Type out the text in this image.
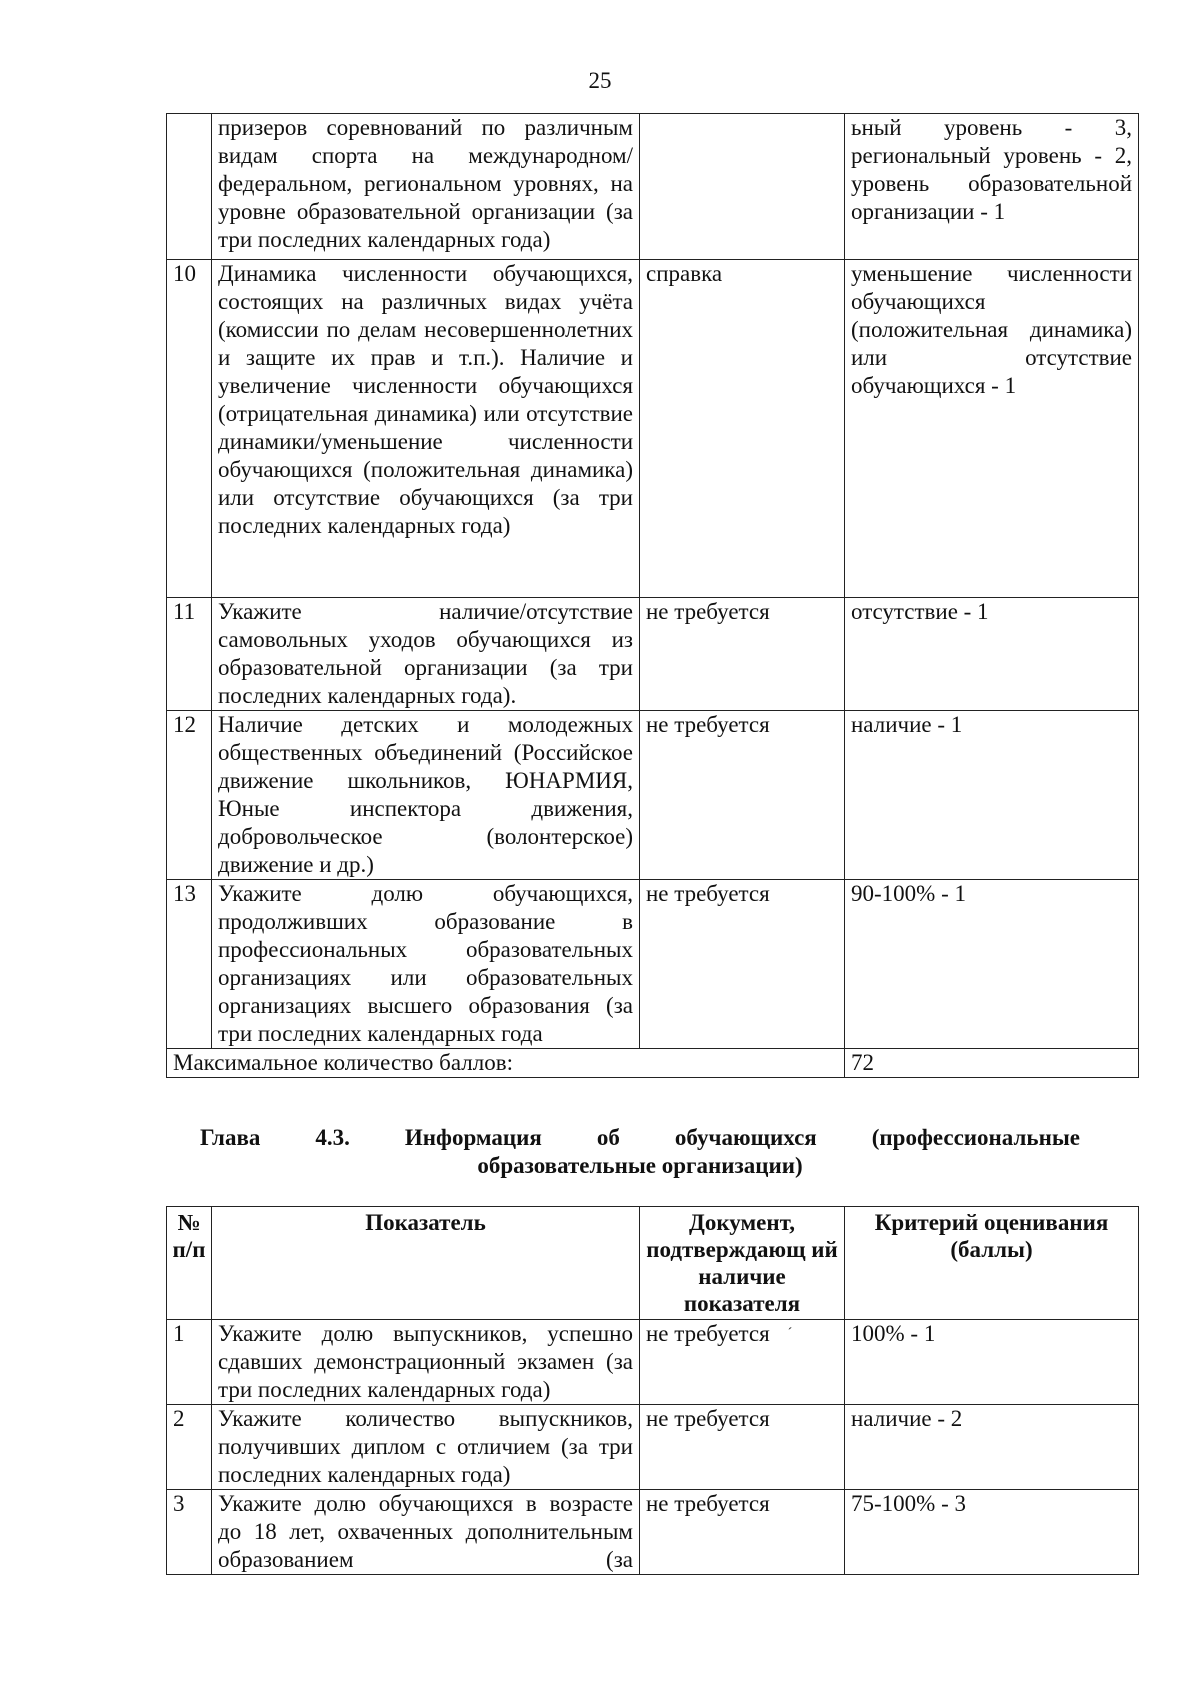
25
	призеров соревнований по различным видам спорта на международном/федеральном, региональном уровнях, на уровне образовательной организации (за три последних календарных года)		ьный уровень - 3, региональный уровень - 2, уровень образовательной организации - 1
10	Динамика численности обучающихся, состоящих на различных видах учёта (комиссии по делам несовершеннолетних и защите их прав и т.п.). Наличие и увеличение численности обучающихся (отрицательная динамика) или отсутствие динамики/уменьшение численности обучающихся (положительная динамика) или отсутствие обучающихся (за три последних календарных года)	справка	уменьшение численности обучающихся (положительная динамика) или отсутствие обучающихся - 1
11	Укажите наличие/отсутствие самовольных уходов обучающихся из образовательной организации (за три последних календарных года).	не требуется	отсутствие - 1
12	Наличие детских и молодежных общественных объединений (Российское движение школьников, ЮНАРМИЯ, Юные инспектора движения, добровольческое (волонтерское) движение и др.)	не требуется	наличие - 1
13	Укажите долю обучающихся, продолживших образование в профессиональных образовательных организациях или образовательных организациях высшего образования (за три последних календарных года	не требуется	90-100% - 1
Максимальное количество баллов:			72
Глава 4.3. Информация об обучающихся (профессиональные
образовательные организации)
№ п/п	Показатель	Документ, подтверждающ ий наличие показателя	Критерий оценивания (баллы)
1	Укажите долю выпускников, успешно сдавших демонстрационный экзамен (за три последних календарных года)	не требуется ˊ	100% - 1
2	Укажите количество выпускников, получивших диплом с отличием (за три последних календарных года)	не требуется	наличие - 2
3	Укажите долю обучающихся в возрасте до 18 лет, охваченных дополнительным образованием (за	не требуется	75-100% - 3
